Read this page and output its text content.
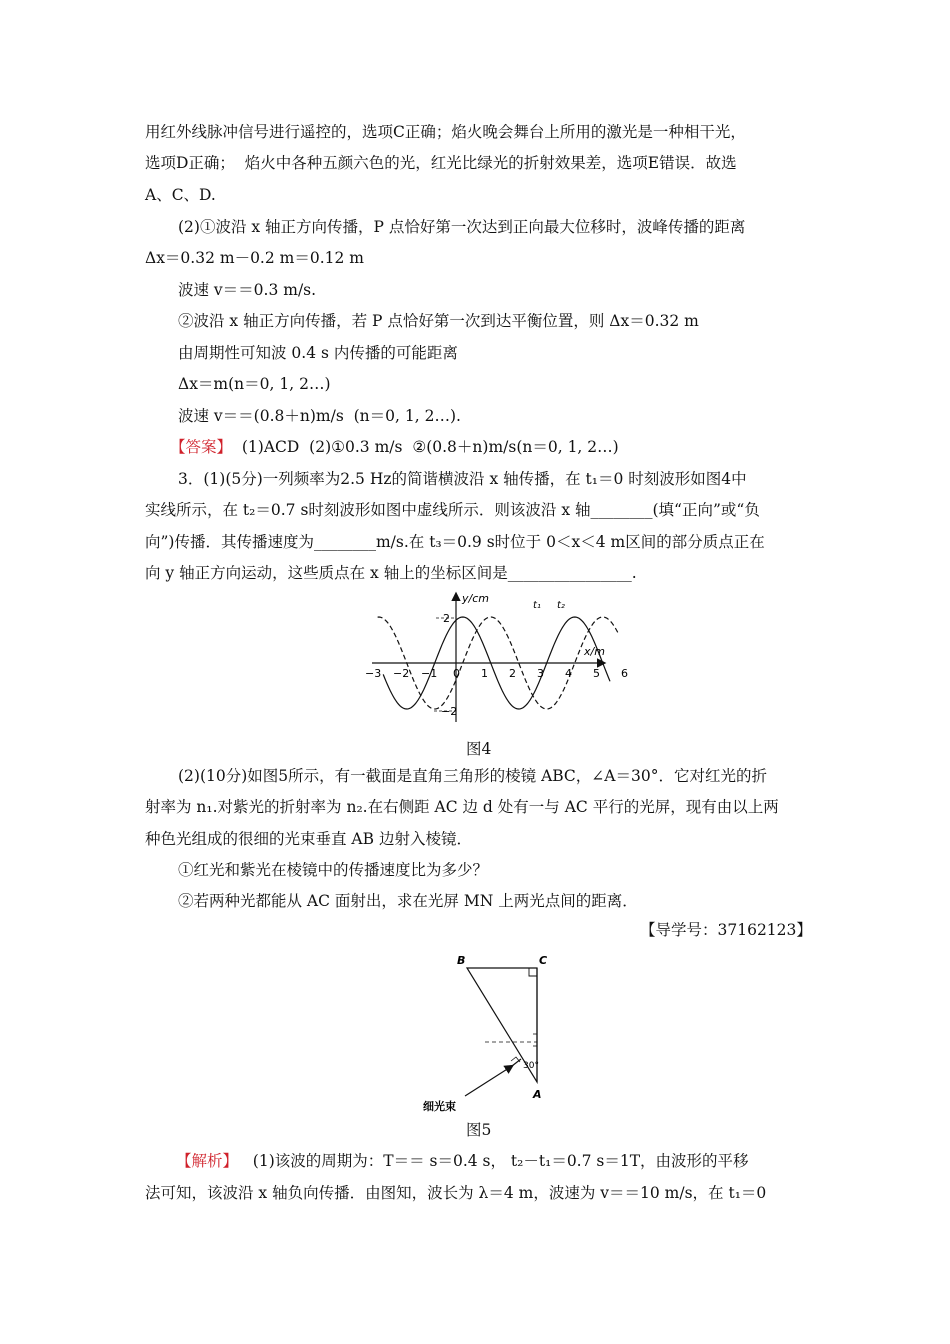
用红外线脉冲信号进行遥控的，选项C正确；焰火晚会舞台上所用的激光是一种相干光，
选项D正确；  焰火中各种五颜六色的光，红光比绿光的折射效果差，选项E错误．故选
A、C、D.
(2)①波沿 x 轴正方向传播，P 点恰好第一次达到正向最大位移时，波峰传播的距离
Δx＝0.32 m－0.2 m＝0.12 m
波速 v＝＝0.3 m/s.
②波沿 x 轴正方向传播，若 P 点恰好第一次到达平衡位置，则 Δx＝0.32 m
由周期性可知波 0.4 s 内传播的可能距离
Δx＝m(n＝0, 1, 2…)
波速 v＝＝(0.8＋n)m/s  (n＝0, 1, 2…).
【答案】 (1)ACD  (2)①0.3 m/s  ②(0.8＋n)m/s(n＝0, 1, 2…)
3．(1)(5分)一列频率为2.5 Hz的简谐横波沿 x 轴传播，在 t₁＝0 时刻波形如图4中
实线所示，在 t₂＝0.7 s时刻波形如图中虚线所示．则该波沿 x 轴________(填“正向”或“负
向”)传播．其传播速度为________m/s.在 t₃＝0.9 s时位于 0＜x＜4 m区间的部分质点正在
向 y 轴正方向运动，这些质点在 x 轴上的坐标区间是________________.
y/cm
x/m
2
−2
t₁ t₂
−3 −2 −1 0 1 2 3 4 5 6
图4
(2)(10分)如图5所示，有一截面是直角三角形的棱镜 ABC，∠A＝30°．它对红光的折
射率为 n₁.对紫光的折射率为 n₂.在右侧距 AC 边 d 处有一与 AC 平行的光屏，现有由以上两
种色光组成的很细的光束垂直 AB 边射入棱镜．
①红光和紫光在棱镜中的传播速度比为多少？
②若两种光都能从 AC 面射出，求在光屏 MN 上两光点间的距离．
【导学号：37162123】
B	C
A
30°
细光束
图5
【解析】 (1)该波的周期为：T＝＝ s＝0.4 s， t₂－t₁＝0.7 s＝1T，由波形的平移
法可知，该波沿 x 轴负向传播．由图知，波长为 λ＝4 m，波速为 v＝＝10 m/s，在 t₁＝0
